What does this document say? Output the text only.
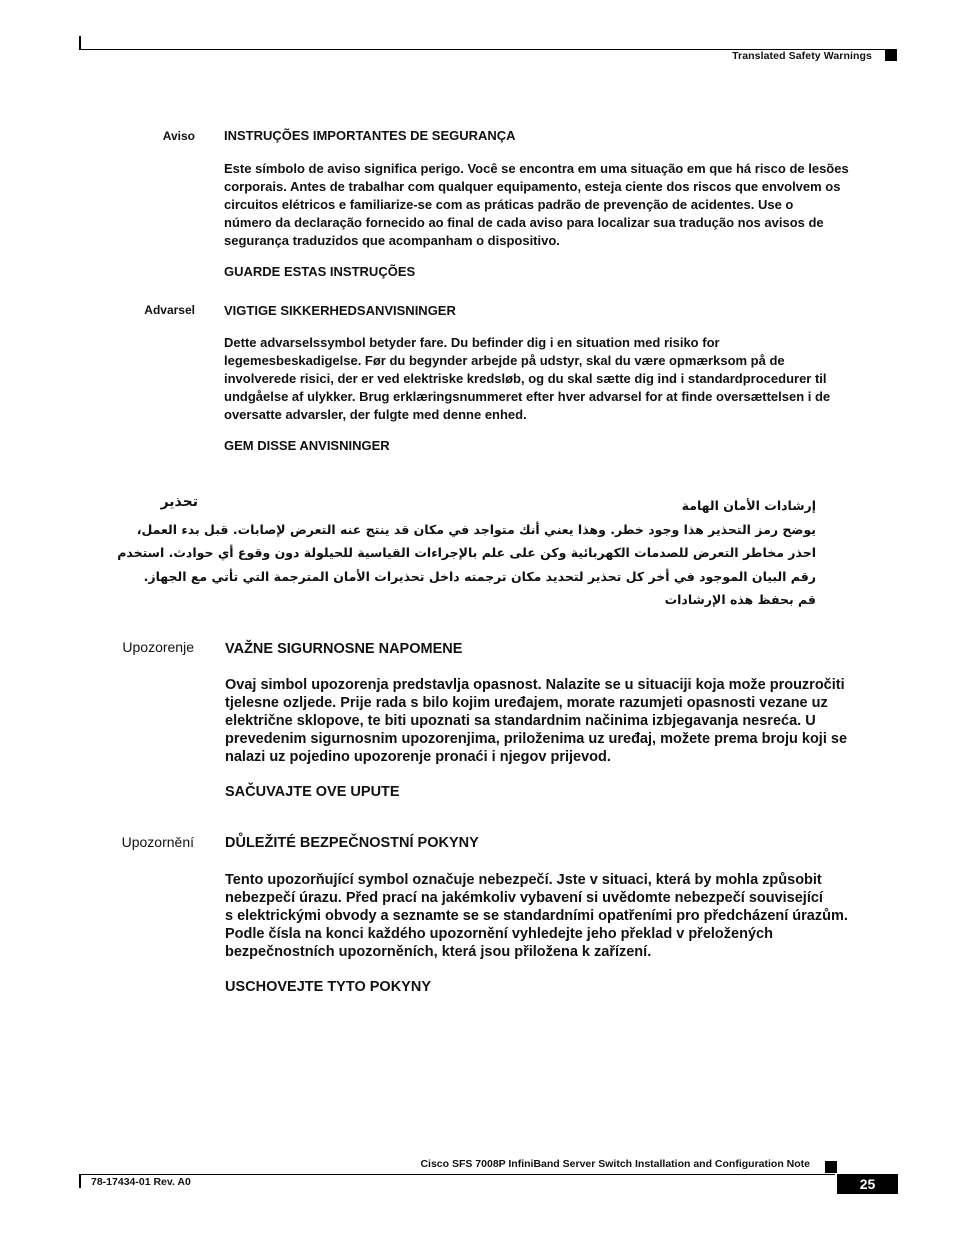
Translated Safety Warnings
Aviso INSTRUÇÕES IMPORTANTES DE SEGURANÇA
Este símbolo de aviso significa perigo. Você se encontra em uma situação em que há risco de lesões
corporais. Antes de trabalhar com qualquer equipamento, esteja ciente dos riscos que envolvem os
circuitos elétricos e familiarize-se com as práticas padrão de prevenção de acidentes. Use o
número da declaração fornecido ao final de cada aviso para localizar sua tradução nos avisos de
segurança traduzidos que acompanham o dispositivo.
GUARDE ESTAS INSTRUÇÕES
Advarsel VIGTIGE SIKKERHEDSANVISNINGER
Dette advarselssymbol betyder fare. Du befinder dig i en situation med risiko for
legemesbeskadigelse. Før du begynder arbejde på udstyr, skal du være opmærksom på de
involverede risici, der er ved elektriske kredsløb, og du skal sætte dig ind i standardprocedurer til
undgåelse af ulykker. Brug erklæringsnummeret efter hver advarsel for at finde oversættelsen i de
oversatte advarsler, der fulgte med denne enhed.
GEM DISSE ANVISNINGER
تحذير	إرشادات الأمان الهامة
يوضح رمز التحذير هذا وجود خطر. وهذا يعني أنك متواجد في مكان قد ينتج عنه التعرض لإصابات. قبل بدء العمل،
احذر مخاطر التعرض للصدمات الكهربائية وكن على علم بالإجراءات القياسية للحيلولة دون وقوع أي حوادث. استخدم
رقم البيان الموجود في أخر كل تحذير لتحديد مكان ترجمته داخل تحذيرات الأمان المترجمة التي تأتي مع الجهاز.
قم بحفظ هذه الإرشادات
Upozorenje VAŽNE SIGURNOSNE NAPOMENE
Ovaj simbol upozorenja predstavlja opasnost. Nalazite se u situaciji koja može prouzročiti
tjelesne ozljede. Prije rada s bilo kojim uređajem, morate razumjeti opasnosti vezane uz
električne sklopove, te biti upoznati sa standardnim načinima izbjegavanja nesreća. U
prevedenim sigurnosnim upozorenjima, priloženima uz uređaj, možete prema broju koji se
nalazi uz pojedino upozorenje pronaći i njegov prijevod.
SAČUVAJTE OVE UPUTE
Upozornění DŮLEŽITÉ BEZPEČNOSTNÍ POKYNY
Tento upozorňující symbol označuje nebezpečí. Jste v situaci, která by mohla způsobit
nebezpečí úrazu. Před prací na jakémkoliv vybavení si uvědomte nebezpečí související
s elektrickými obvody a seznamte se se standardními opatřeními pro předcházení úrazům.
Podle čísla na konci každého upozornění vyhledejte jeho překlad v přeložených
bezpečnostních upozorněních, která jsou přiložena k zařízení.
USCHOVEJTE TYTO POKYNY
Cisco SFS 7008P InfiniBand Server Switch Installation and Configuration Note
78-17434-01 Rev. A0	25
